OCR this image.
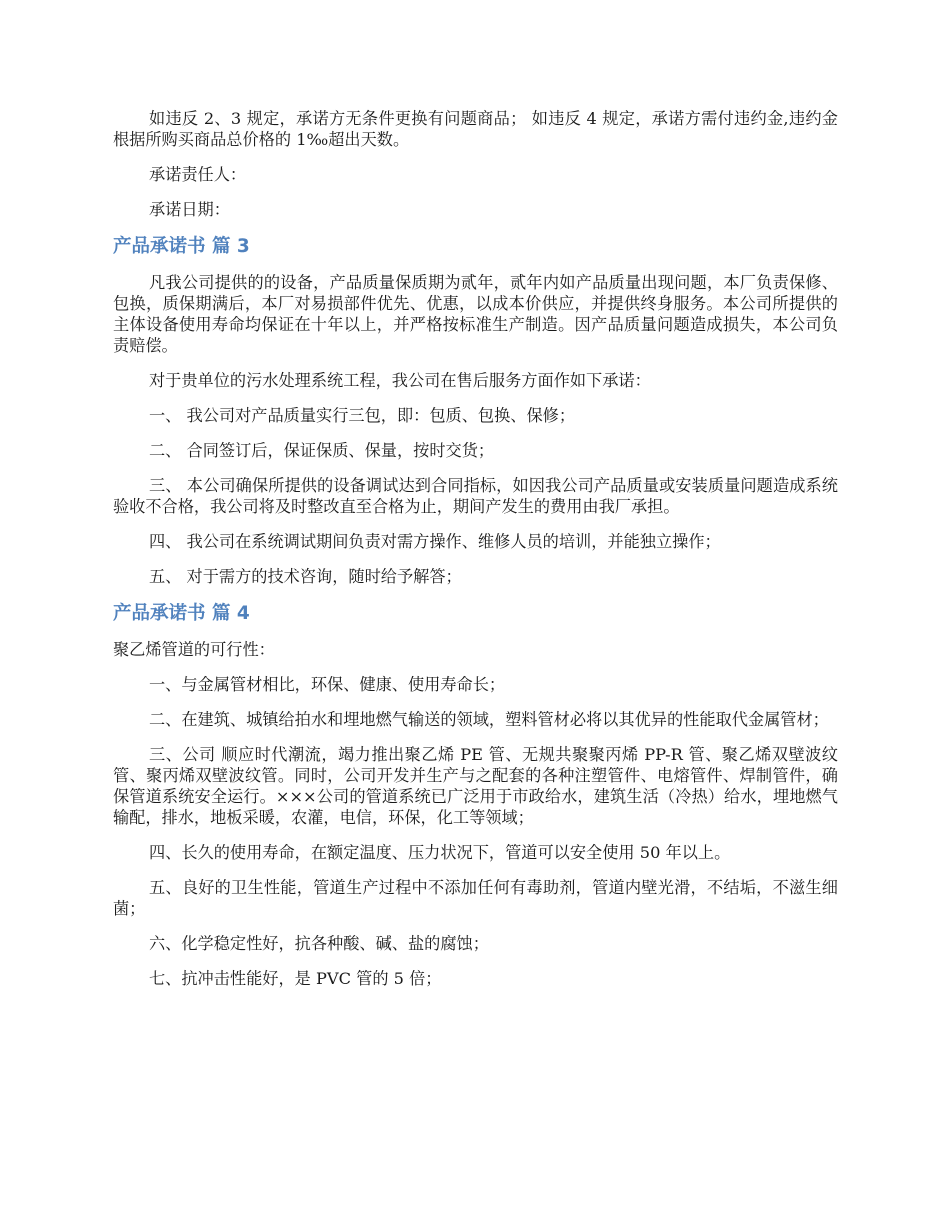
如违反 2、3 规定，承诺方无条件更换有问题商品； 如违反 4 规定，承诺方需付违约金,违约金根据所购买商品总价格的 1‰超出天数。

承诺责任人：

承诺日期：

产品承诺书 篇 3

凡我公司提供的的设备，产品质量保质期为贰年，贰年内如产品质量出现问题，本厂负责保修、包换，质保期满后，本厂对易损部件优先、优惠，以成本价供应，并提供终身服务。本公司所提供的主体设备使用寿命均保证在十年以上，并严格按标准生产制造。因产品质量问题造成损失，本公司负责赔偿。

对于贵单位的污水处理系统工程，我公司在售后服务方面作如下承诺：

一、 我公司对产品质量实行三包，即：包质、包换、保修；

二、 合同签订后，保证保质、保量，按时交货；

三、 本公司确保所提供的设备调试达到合同指标，如因我公司产品质量或安装质量问题造成系统验收不合格，我公司将及时整改直至合格为止，期间产发生的费用由我厂承担。

四、 我公司在系统调试期间负责对需方操作、维修人员的培训，并能独立操作；

五、 对于需方的技术咨询，随时给予解答；

产品承诺书 篇 4

聚乙烯管道的可行性：

一、与金属管材相比，环保、健康、使用寿命长；

二、在建筑、城镇给拍水和埋地燃气输送的领域，塑料管材必将以其优异的性能取代金属管材；

三、公司 顺应时代潮流，竭力推出聚乙烯 PE 管、无规共聚聚丙烯 PP-R 管、聚乙烯双壁波纹管、聚丙烯双壁波纹管。同时，公司开发并生产与之配套的各种注塑管件、电熔管件、焊制管件，确保管道系统安全运行。×××公司的管道系统已广泛用于市政给水，建筑生活（冷热）给水，埋地燃气输配，排水，地板采暖，农灌，电信，环保，化工等领域；

四、长久的使用寿命，在额定温度、压力状况下，管道可以安全使用 50 年以上。

五、良好的卫生性能，管道生产过程中不添加任何有毒助剂，管道内壁光滑，不结垢，不滋生细菌；

六、化学稳定性好，抗各种酸、碱、盐的腐蚀；

七、抗冲击性能好，是 PVC 管的 5 倍；
